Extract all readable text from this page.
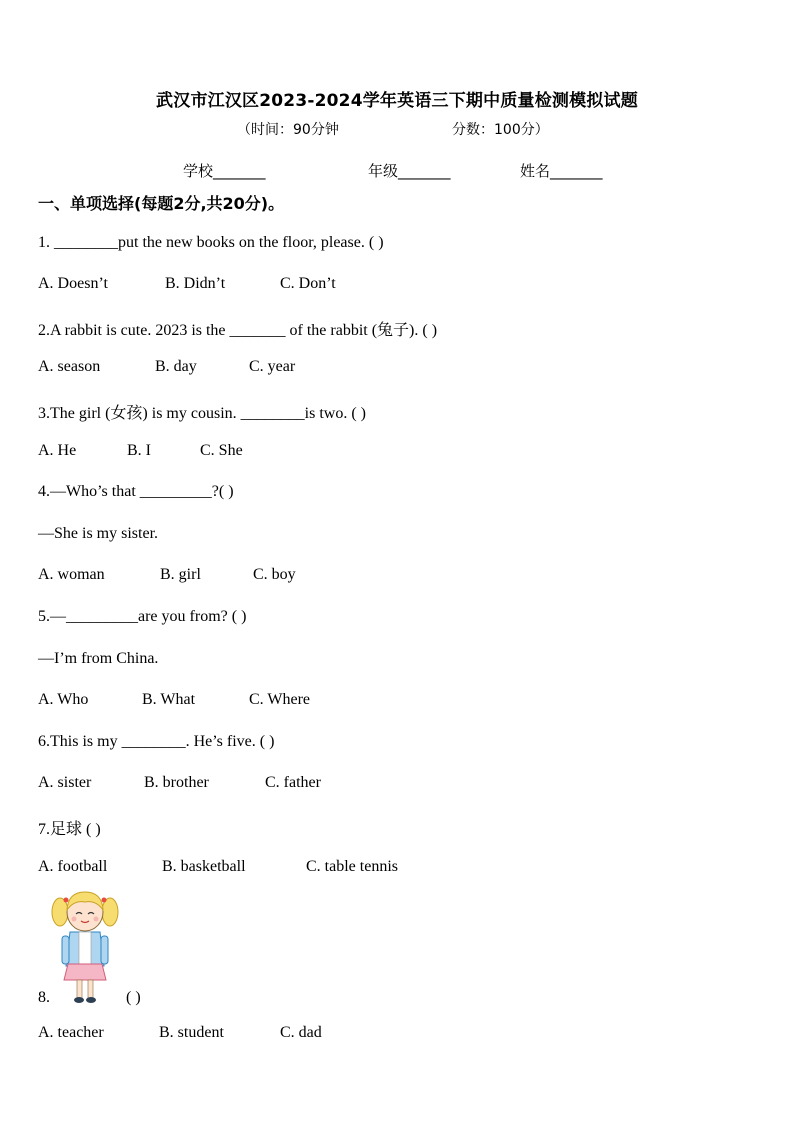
武汉市江汉区2023-2024学年英语三下期中质量检测模拟试题
（时间：90分钟	分数：100分）
学校_______	年级_______	姓名_______
一、单项选择(每题2分,共20分)。
1. ________put the new books on the floor, please. ( )
A. Doesn’t	B. Didn’t	C. Don’t
2.A rabbit is cute. 2023 is the _______ of the rabbit (兔子). ( )
A. season	B. day	C. year
3.The girl (女孩) is my cousin. ________is two. ( )
A. He	B. I	C. She
4.—Who’s that _________?( )
—She is my sister.
A. woman	B. girl	C. boy
5.—_________are you from? ( )
—I’m from China.
A. Who	B. What	C. Where
6.This is my ________. He’s five. ( )
A. sister	B. brother	C. father
7.足球 ( )
A. football	B. basketball	C. table tennis
8.	( )
A. teacher	B. student	C. dad
